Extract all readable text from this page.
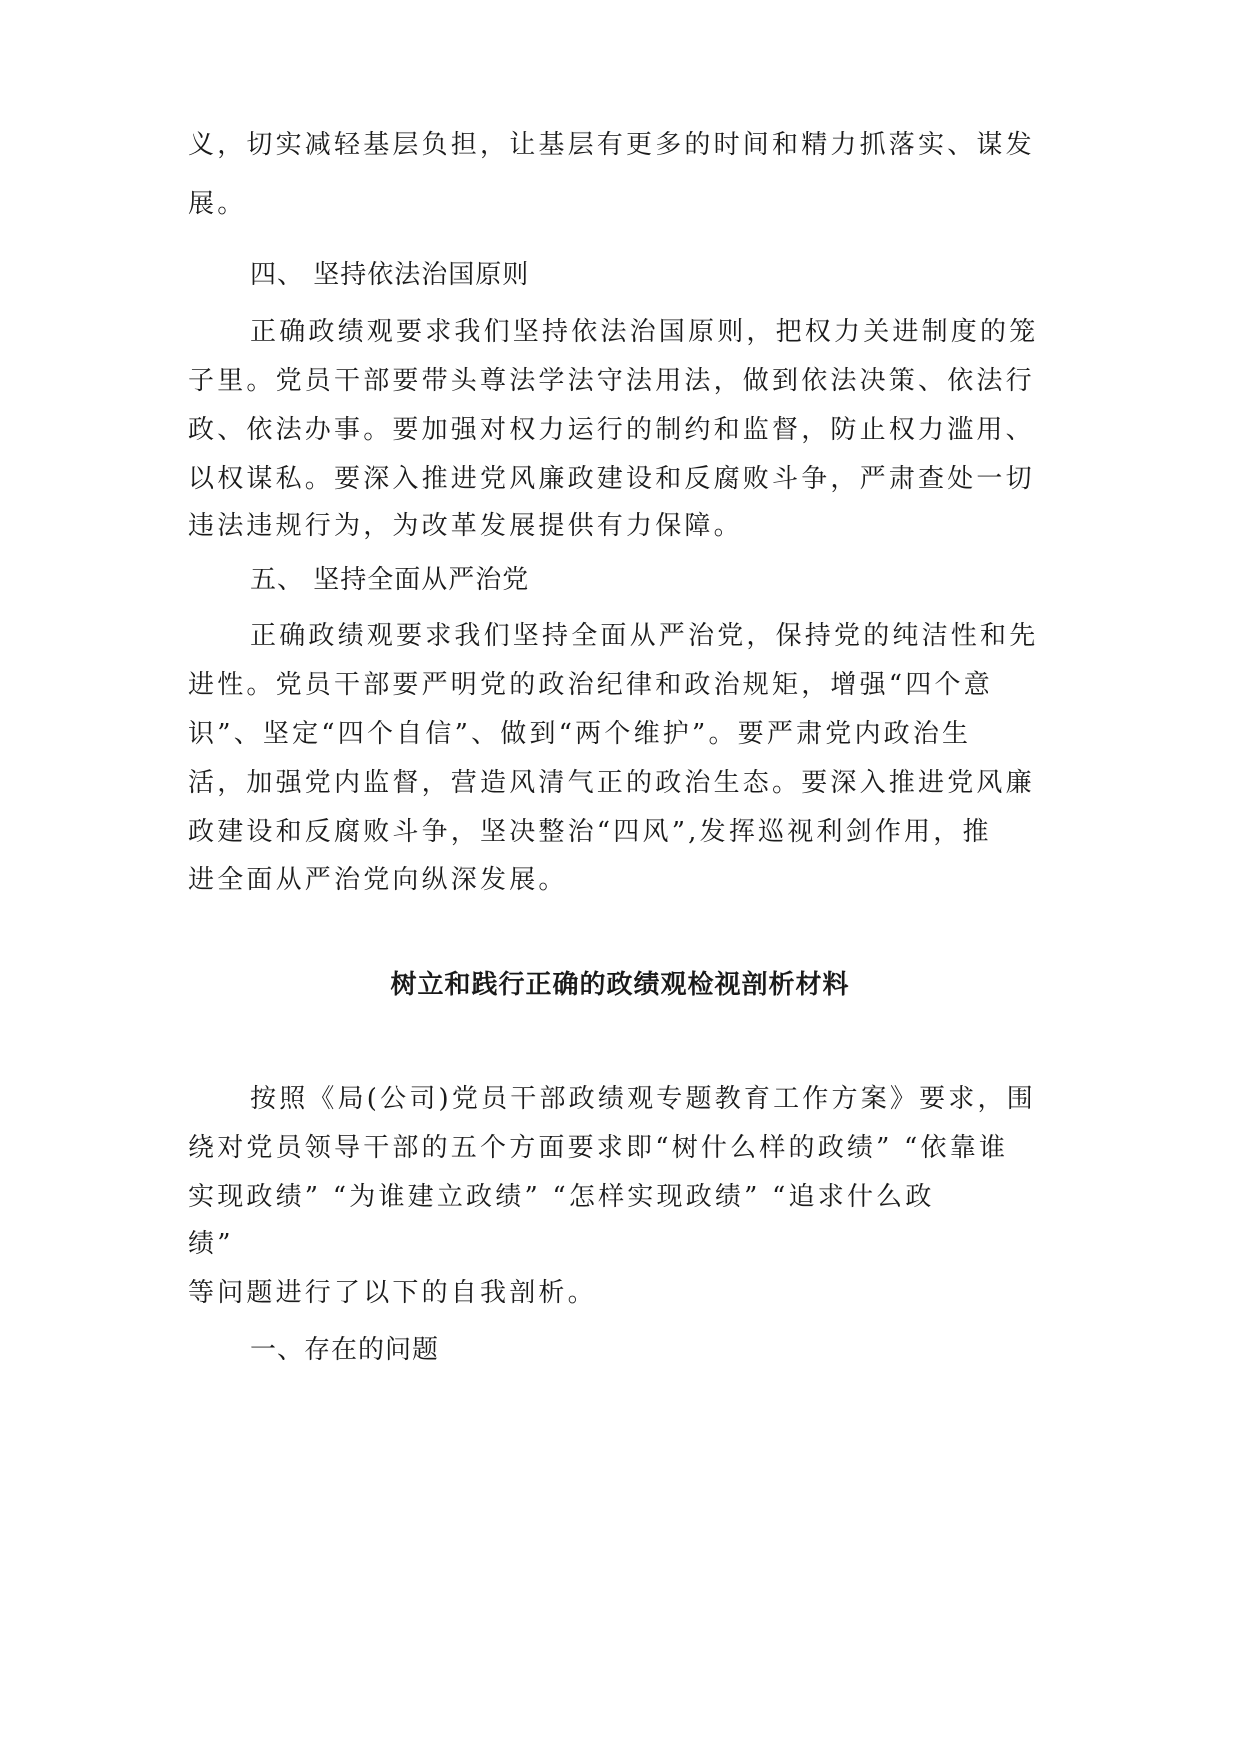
义，切实减轻基层负担，让基层有更多的时间和精力抓落实、谋发
展。
四、 坚持依法治国原则
正确政绩观要求我们坚持依法治国原则，把权力关进制度的笼
子里。党员干部要带头尊法学法守法用法，做到依法决策、依法行
政、依法办事。要加强对权力运行的制约和监督，防止权力滥用、
以权谋私。要深入推进党风廉政建设和反腐败斗争，严肃查处一切
违法违规行为，为改革发展提供有力保障。
五、 坚持全面从严治党
正确政绩观要求我们坚持全面从严治党，保持党的纯洁性和先
进性。党员干部要严明党的政治纪律和政治规矩，增强“四个意
识”、坚定“四个自信”、做到“两个维护”。要严肃党内政治生
活，加强党内监督，营造风清气正的政治生态。要深入推进党风廉
政建设和反腐败斗争，坚决整治“四风”,发挥巡视利剑作用，推
进全面从严治党向纵深发展。
树立和践行正确的政绩观检视剖析材料
按照《局(公司)党员干部政绩观专题教育工作方案》要求，围
绕对党员领导干部的五个方面要求即“树什么样的政绩” “依靠谁
实现政绩” “为谁建立政绩” “怎样实现政绩” “追求什么政
绩”
等问题进行了以下的自我剖析。
一、存在的问题
